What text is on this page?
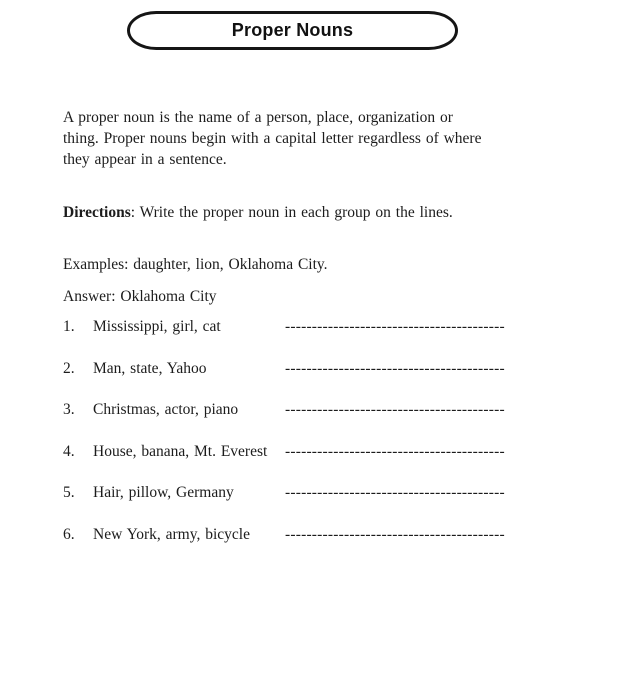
Proper Nouns
A proper noun is the name of a person, place, organization or
thing. Proper nouns begin with a capital letter regardless of where
they appear in a sentence.
Directions: Write the proper noun in each group on the lines.
Examples: daughter, lion, Oklahoma City.
Answer: Oklahoma City
1.	Mississippi, girl, cat	-----------------------------------------
2.	Man, state, Yahoo	-----------------------------------------
3.	Christmas, actor, piano	-----------------------------------------
4.	House, banana, Mt. Everest	-----------------------------------------
5.	Hair, pillow, Germany	-----------------------------------------
6.	New York, army, bicycle	-----------------------------------------
